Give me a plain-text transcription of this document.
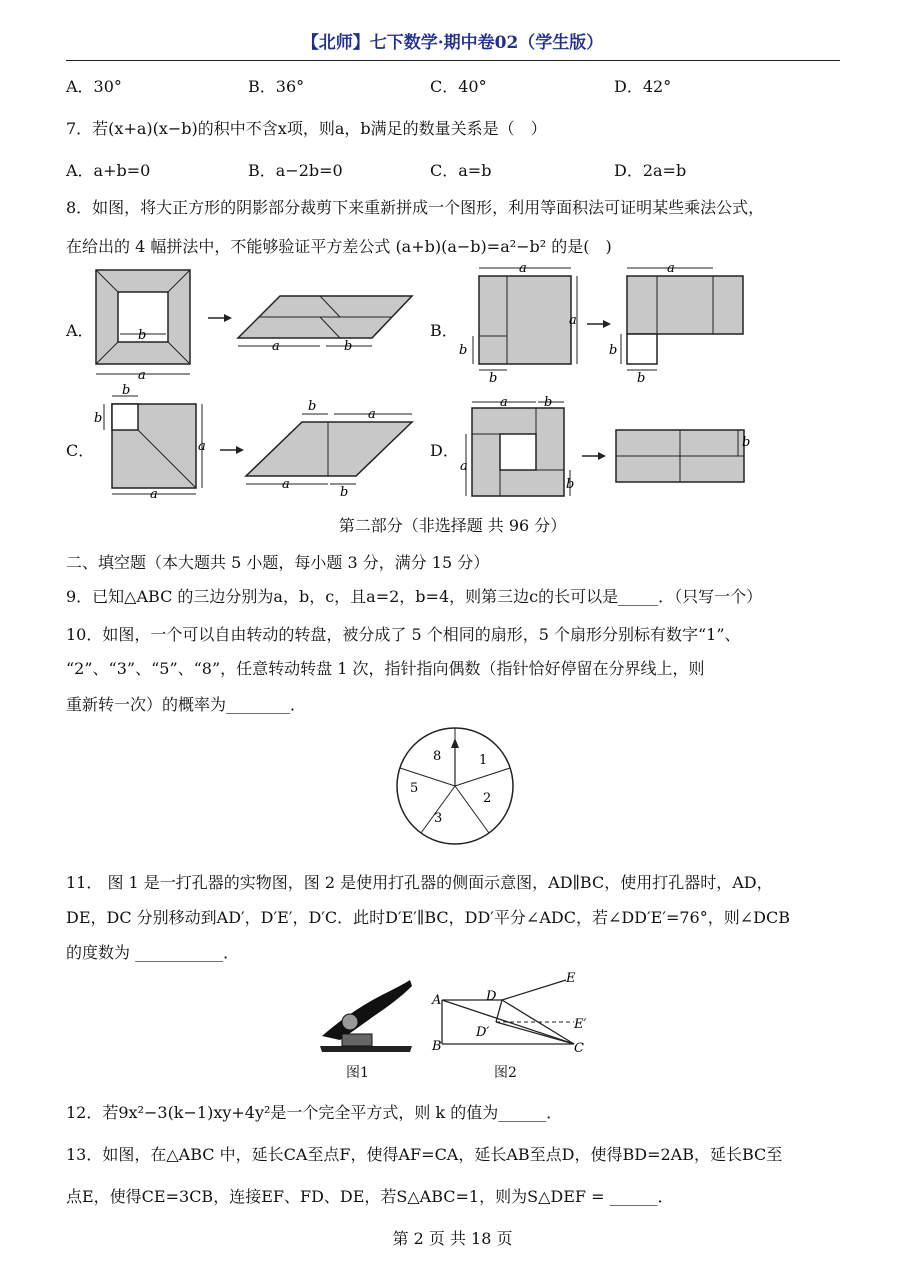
【北师】七下数学·期中卷02（学生版）
A．30°	B．36°	C．40°	D．42°
7．若(x+a)(x−b)的积中不含x项，则a，b满足的数量关系是（　）
A．a+b=0	B．a−2b=0	C．a=b	D．2a=b
8．如图，将大正方形的阴影部分裁剪下来重新拼成一个图形，利用等面积法可证明某些乘法公式，
在给出的 4 幅拼法中，不能够验证平方差公式 (a+b)(a−b)=a²−b² 的是(　)
A．	B．
C．	D．
b
a
a	b
a
a
b
b
a
b
b
b
b
a
a
b
a
a
b
a	b
a
b
b
第二部分（非选择题 共 96 分）
二、填空题（本大题共 5 小题，每小题 3 分，满分 15 分）
9．已知△ABC 的三边分别为a，b，c，且a=2，b=4，则第三边c的长可以是_____．（只写一个）
10．如图，一个可以自由转动的转盘，被分成了 5 个相同的扇形，5 个扇形分别标有数字“1”、
“2”、“3”、“5”、“8”，任意转动转盘 1 次，指针指向偶数（指针恰好停留在分界线上，则
重新转一次）的概率为________．
8	1
2
3
5
11． 图 1 是一打孔器的实物图，图 2 是使用打孔器的侧面示意图，AD∥BC，使用打孔器时，AD，
DE，DC 分别移动到AD′，D′E′，D′C．此时D′E′∥BC，DD′平分∠ADC，若∠DD′E′=76°，则∠DCB
的度数为 ___________．
图1
A
B	C
D
E
D′
E′
图2
12．若9x²−3(k−1)xy+4y²是一个完全平方式，则 k 的值为______．
13．如图，在△ABC 中，延长CA至点F，使得AF=CA，延长AB至点D，使得BD=2AB，延长BC至
点E，使得CE=3CB，连接EF、FD、DE，若S△ABC=1，则为S△DEF = ______．
第 2 页 共 18 页
